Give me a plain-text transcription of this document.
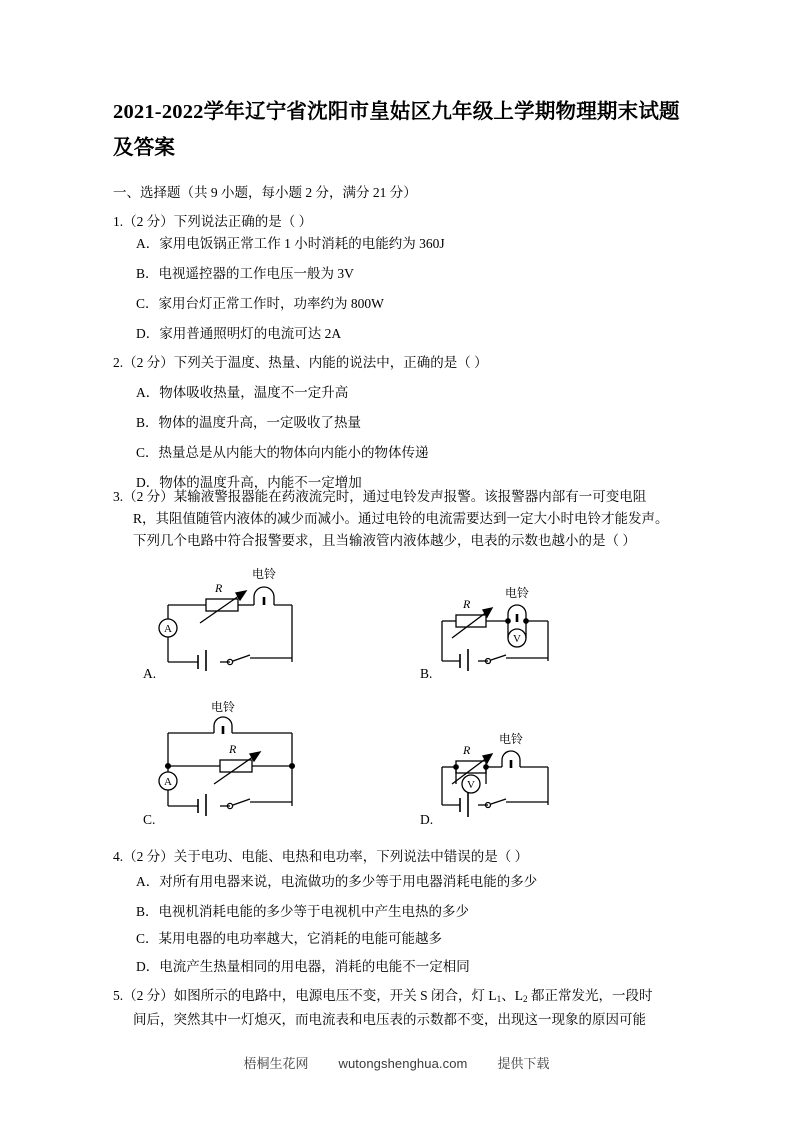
2021-2022学年辽宁省沈阳市皇姑区九年级上学期物理期末试题及答案
一、选择题（共 9 小题，每小题 2 分，满分 21 分）
1.（2 分）下列说法正确的是（ ）
A．家用电饭锅正常工作 1 小时消耗的电能约为 360J
B．电视遥控器的工作电压一般为 3V
C．家用台灯正常工作时，功率约为 800W
D．家用普通照明灯的电流可达 2A
2.（2 分）下列关于温度、热量、内能的说法中，正确的是（ ）
A．物体吸收热量，温度不一定升高
B．物体的温度升高，一定吸收了热量
C．热量总是从内能大的物体向内能小的物体传递
D．物体的温度升高，内能不一定增加
3.（2 分）某输液警报器能在药液流完时，通过电铃发声报警。该报警器内部有一可变电阻
R，其阻值随管内液体的减少而减小。通过电铃的电流需要达到一定大小时电铃才能发声。
下列几个电路中符合报警要求，且当输液管内液体越少，电表的示数也越小的是（ ）
R
A
电铃
A.
R
V
电铃
B.
R
A
电铃
C.
R
V
电铃
D.
4.（2 分）关于电功、电能、电热和电功率，下列说法中错误的是（ ）
A．对所有用电器来说，电流做功的多少等于用电器消耗电能的多少
B．电视机消耗电能的多少等于电视机中产生电热的多少
C．某用电器的电功率越大，它消耗的电能可能越多
D．电流产生热量相同的用电器，消耗的电能不一定相同
5.（2 分）如图所示的电路中，电源电压不变，开关 S 闭合，灯 $L_1$、$L_2$ 都正常发光，一段时
间后，突然其中一灯熄灭，而电流表和电压表的示数都不变，出现这一现象的原因可能
梧桐生花网 wutongshenghua.com 提供下载
